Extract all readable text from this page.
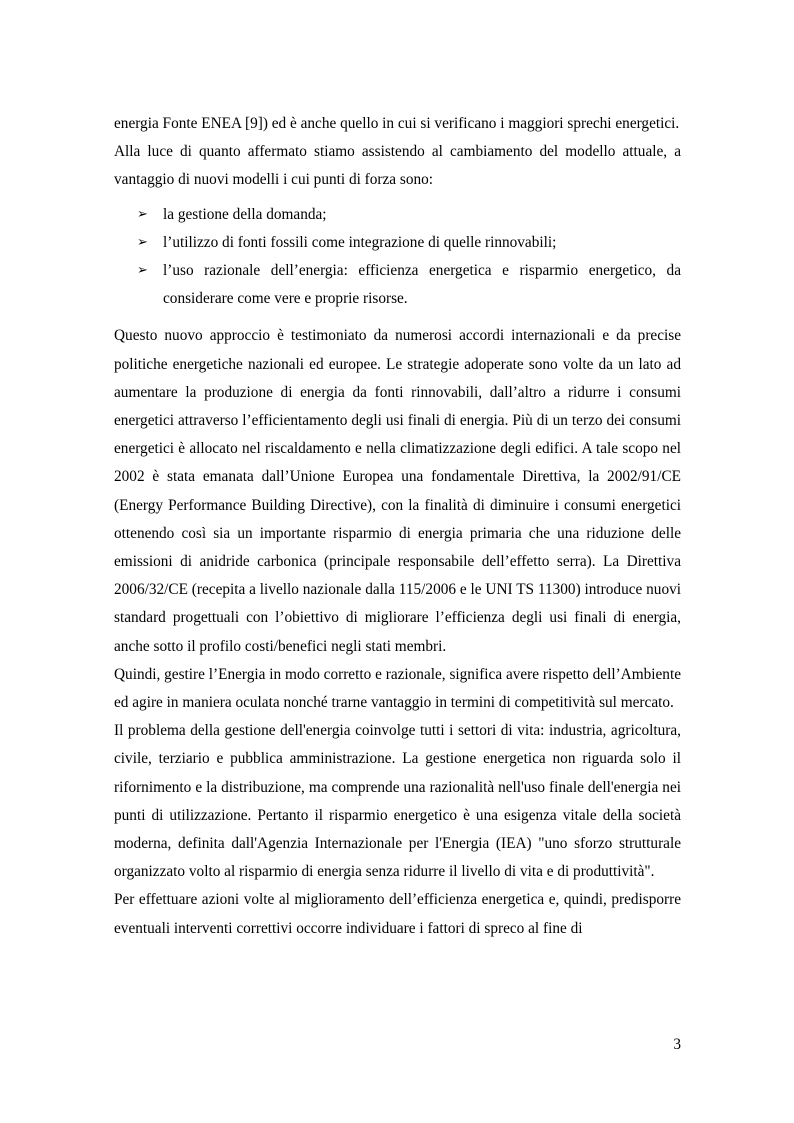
energia Fonte ENEA [9]) ed è anche quello in cui si verificano i maggiori sprechi energetici.

Alla luce di quanto affermato stiamo assistendo al cambiamento del modello attuale, a vantaggio di nuovi modelli i cui punti di forza sono:

➢ la gestione della domanda;
➢ l’utilizzo di fonti fossili come integrazione di quelle rinnovabili;
➢ l’uso razionale dell’energia: efficienza energetica e risparmio energetico, da considerare come vere e proprie risorse.

Questo nuovo approccio è testimoniato da numerosi accordi internazionali e da precise politiche energetiche nazionali ed europee. Le strategie adoperate sono volte da un lato ad aumentare la produzione di energia da fonti rinnovabili, dall’altro a ridurre i consumi energetici attraverso l’efficientamento degli usi finali di energia. Più di un terzo dei consumi energetici è allocato nel riscaldamento e nella climatizzazione degli edifici. A tale scopo nel 2002 è stata emanata dall’Unione Europea una fondamentale Direttiva, la 2002/91/CE (Energy Performance Building Directive), con la finalità di diminuire i consumi energetici ottenendo così sia un importante risparmio di energia primaria che una riduzione delle emissioni di anidride carbonica (principale responsabile dell’effetto serra). La Direttiva 2006/32/CE (recepita a livello nazionale dalla 115/2006 e le UNI TS 11300) introduce nuovi standard progettuali con l’obiettivo di migliorare l’efficienza degli usi finali di energia, anche sotto il profilo costi/benefici negli stati membri.

Quindi, gestire l’Energia in modo corretto e razionale, significa avere rispetto dell’Ambiente ed agire in maniera oculata nonché trarne vantaggio in termini di competitività sul mercato.

Il problema della gestione dell'energia coinvolge tutti i settori di vita: industria, agricoltura, civile, terziario e pubblica amministrazione. La gestione energetica non riguarda solo il rifornimento e la distribuzione, ma comprende una razionalità nell'uso finale dell'energia nei punti di utilizzazione. Pertanto il risparmio energetico è una esigenza vitale della società moderna, definita dall'Agenzia Internazionale per l'Energia (IEA) "uno sforzo strutturale organizzato volto al risparmio di energia senza ridurre il livello di vita e di produttività".

Per effettuare azioni volte al miglioramento dell’efficienza energetica e, quindi, predisporre eventuali interventi correttivi occorre individuare i fattori di spreco al fine di

3
